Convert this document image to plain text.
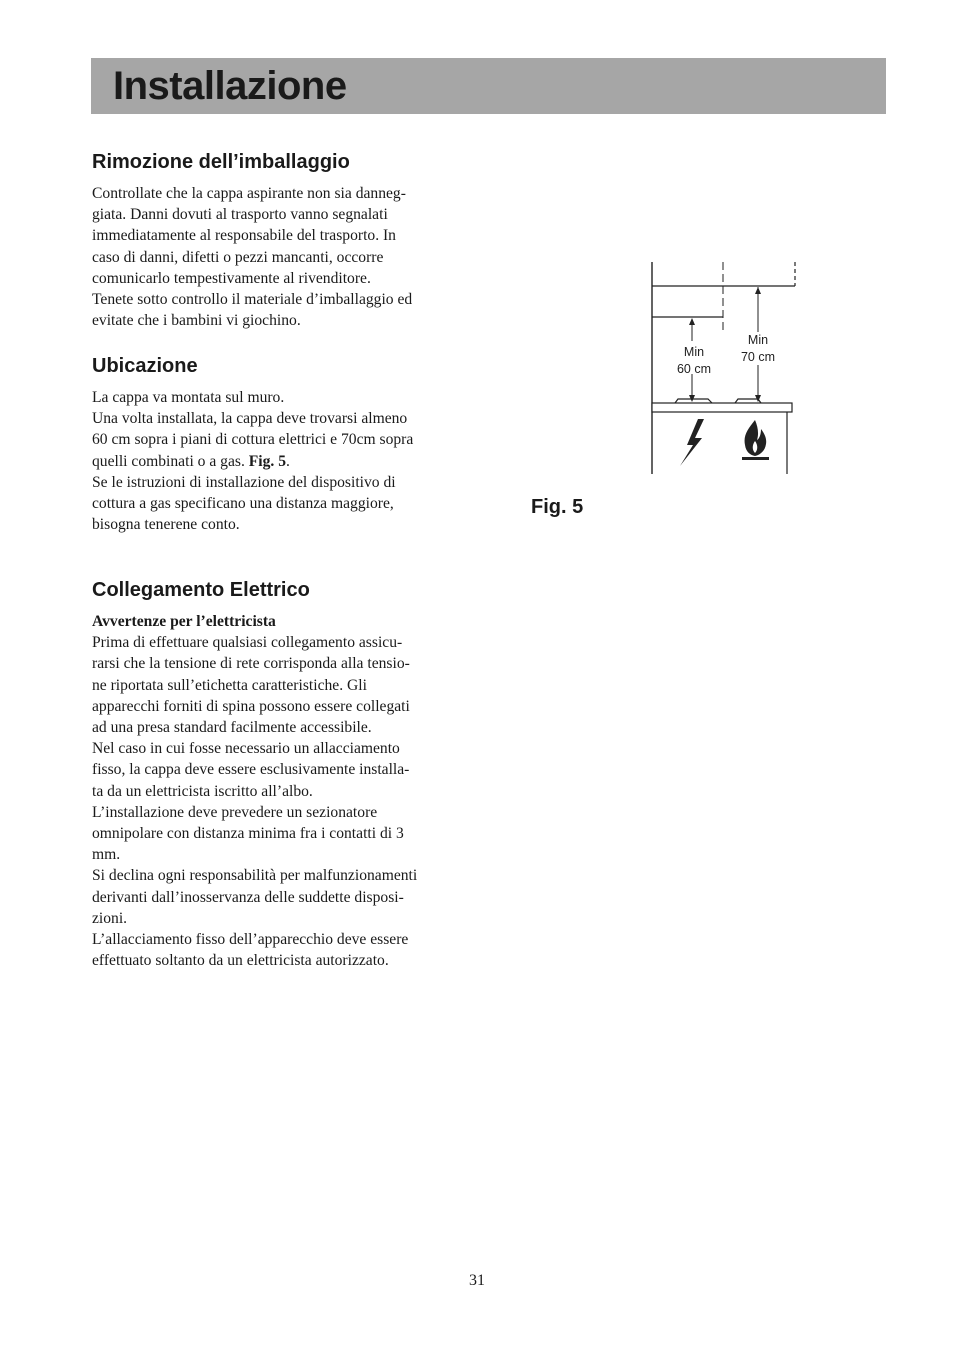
Installazione
Rimozione dell’imballaggio

Controllate che la cappa aspirante non sia danneg-
giata. Danni dovuti al trasporto vanno segnalati
immediatamente al responsabile del trasporto. In
caso di danni, difetti o pezzi mancanti, occorre
comunicarlo tempestivamente al rivenditore.
Tenete sotto controllo il materiale d’imballaggio ed
evitate che i bambini vi giochino.

Ubicazione

La cappa va montata sul muro.
Una volta installata, la cappa deve trovarsi almeno
60 cm sopra i piani di cottura elettrici e 70cm sopra
quelli combinati o a gas. Fig. 5.
Se le istruzioni di installazione del dispositivo di
cottura a gas specificano una distanza maggiore,
bisogna tenerene conto.

Collegamento Elettrico
Avvertenze per l’elettricista

Prima di effettuare qualsiasi collegamento assicu-
rarsi che la tensione di rete corrisponda alla tensio-
ne riportata sull’etichetta caratteristiche. Gli
apparecchi forniti di spina possono essere collegati
ad una presa standard facilmente accessibile.
Nel caso in cui fosse necessario un allacciamento
fisso, la cappa deve essere esclusivamente installa-
ta da un elettricista iscritto all’albo.
L’installazione deve prevedere un sezionatore
omnipolare con distanza minima fra i contatti di 3
mm.
Si declina ogni responsabilità per malfunzionamenti
derivanti dall’inosservanza delle suddette disposi-
zioni.
L’allacciamento fisso dell’apparecchio deve essere
effettuato soltanto da un elettricista autorizzato.

Min
60 cm
Min
70 cm
Fig. 5
31
